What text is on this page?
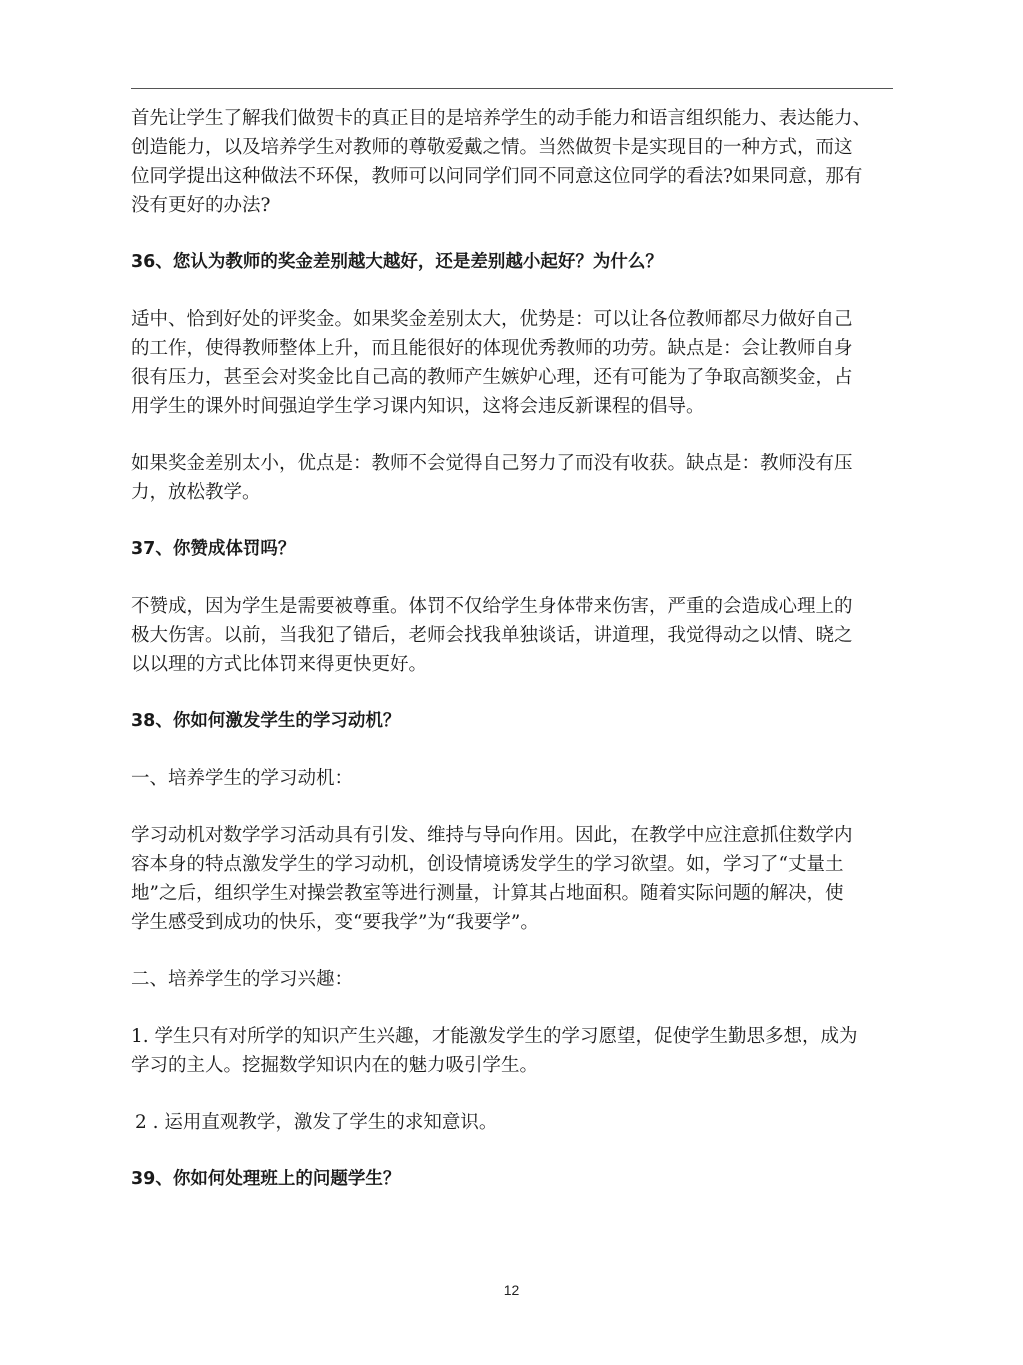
首先让学生了解我们做贺卡的真正目的是培养学生的动手能力和语言组织能力、表达能力、
创造能力，以及培养学生对教师的尊敬爱戴之情。当然做贺卡是实现目的一种方式，而这
位同学提出这种做法不环保，教师可以问同学们同不同意这位同学的看法?如果同意，那有
没有更好的办法?

36、您认为教师的奖金差别越大越好，还是差别越小起好？为什么？

适中、恰到好处的评奖金。如果奖金差别太大，优势是：可以让各位教师都尽力做好自己
的工作，使得教师整体上升，而且能很好的体现优秀教师的功劳。缺点是：会让教师自身
很有压力，甚至会对奖金比自己高的教师产生嫉妒心理，还有可能为了争取高额奖金，占
用学生的课外时间强迫学生学习课内知识，这将会违反新课程的倡导。

如果奖金差别太小，优点是：教师不会觉得自己努力了而没有收获。缺点是：教师没有压
力，放松教学。

37、你赞成体罚吗？

不赞成，因为学生是需要被尊重。体罚不仅给学生身体带来伤害，严重的会造成心理上的
极大伤害。以前，当我犯了错后，老师会找我单独谈话，讲道理，我觉得动之以情、晓之
以以理的方式比体罚来得更快更好。

38、你如何激发学生的学习动机？

一、培养学生的学习动机：

学习动机对数学学习活动具有引发、维持与导向作用。因此，在教学中应注意抓住数学内
容本身的特点激发学生的学习动机，创设情境诱发学生的学习欲望。如，学习了“丈量土
地”之后，组织学生对操尝教室等进行测量，计算其占地面积。随着实际问题的解决，使
学生感受到成功的快乐，变“要我学”为“我要学”。

二、培养学生的学习兴趣：

1. 学生只有对所学的知识产生兴趣，才能激发学生的学习愿望，促使学生勤思多想，成为
学习的主人。挖掘数学知识内在的魅力吸引学生。

2 . 运用直观教学，激发了学生的求知意识。

39、你如何处理班上的问题学生？

12
